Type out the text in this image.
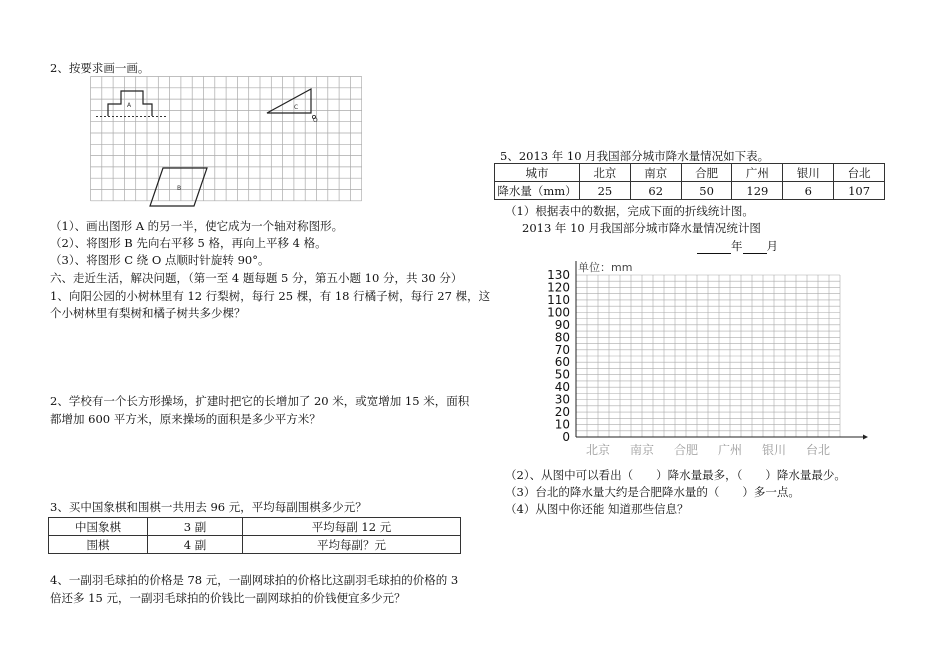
2、按要求画一画。
A	C
O
B
（1）、画出图形 A 的另一半，使它成为一个轴对称图形。
（2）、将图形 B 先向右平移 5 格，再向上平移 4 格。
（3）、将图形 C 绕 O 点顺时针旋转 90°。
六、走近生活，解决问题，（第一至 4 题每题 5 分，第五小题 10 分，共 30 分）
1、向阳公园的小树林里有 12 行梨树，每行 25 棵，有 18 行橘子树，每行 27 棵，这
个小树林里有梨树和橘子树共多少棵？
2、学校有一个长方形操场，扩建时把它的长增加了 20 米，或宽增加 15 米，面积
都增加 600 平方米，原来操场的面积是多少平方米？
3、买中国象棋和围棋一共用去 96 元，平均每副围棋多少元？
中国象棋	3 副	平均每副 12 元
围棋	4 副	平均每副？元
4、一副羽毛球拍的价格是 78 元，一副网球拍的价格比这副羽毛球拍的价格的 3
倍还多 15 元，一副羽毛球拍的价钱比一副网球拍的价钱便宜多少元？
5、2013 年 10 月我国部分城市降水量情况如下表。
城市	北京	南京	合肥	广州	银川	台北
降水量（mm）	25	62	50	129	6	107
（1）根据表中的数据，完成下面的折线统计图。
2013 年 10 月我国部分城市降水量情况统计图
年 月
0
10
20
30
40
50
60
70
80
90
100
110
120
130
北京 南京 合肥 广州 银川 台北
单位：mm
（2）、从图中可以看出（　　）降水量最多，（　　）降水量最少。
（3）台北的降水量大约是合肥降水量的（　　）多一点。
（4）从图中你还能 知道那些信息？
